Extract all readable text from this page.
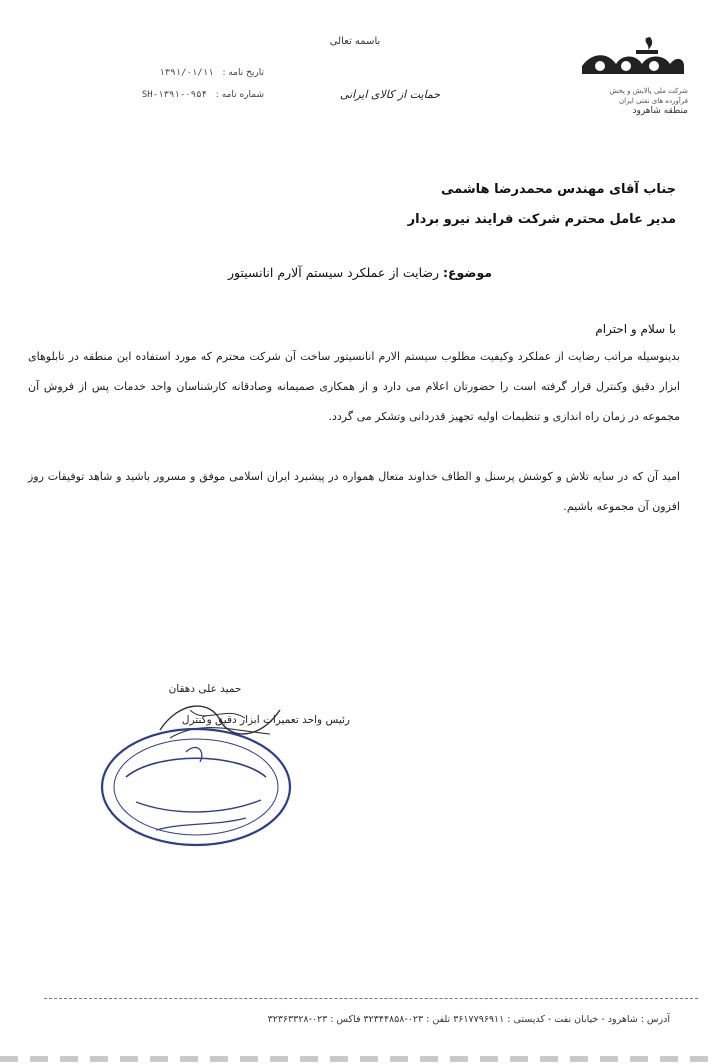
شرکت ملی پالایش و پخش
فرآورده های نفتی ایران
منطقه شاهرود
باسمه تعالی
حمایت از کالای ایرانی
تاریخ نامه : ۱۳۹۱/۰۱/۱۱
شماره نامه : SH-۱۳۹۱-۰۹۵۴
جناب آقای مهندس محمدرضا هاشمی
مدیر عامل محترم شرکت فرایند نیرو بردار
موضوع: رضایت از عملکرد سیستم آلارم انانسیتور
با سلام و احترام
بدینوسیله مراتب رضایت از عملکرد وکیفیت مطلوب سیستم الارم انانسیتور ساخت آن شرکت محترم که مورد استفاده این منطقه در تابلوهای ابزار دقیق وکنترل قرار گرفته است را حضورتان اعلام می دارد و از همکاری صمیمانه وصادقانه کارشناسان واحد خدمات پس از فروش آن مجموعه در زمان راه اندازی و تنظیمات اولیه تجهیز قدردانی وتشکر می گردد.
امید آن که در سایه تلاش و کوشش پرسنل و الطاف خداوند متعال همواره در پیشبرد ایران اسلامی موفق و مسرور باشید و شاهد توفیقات روز افزون آن مجموعه باشیم.
حمید علی دهقان
رئیس واحد تعمیرات ابزار دقیق وکنترل
آدرس : شاهرود - خیابان نفت - کدپستی : ۳۶۱۷۷۹۶۹۱۱ تلفن : ۰۲۳-۳۲۳۴۴۸۵۸ فاکس : ۰۲۳-۳۲۳۶۳۳۲۸
